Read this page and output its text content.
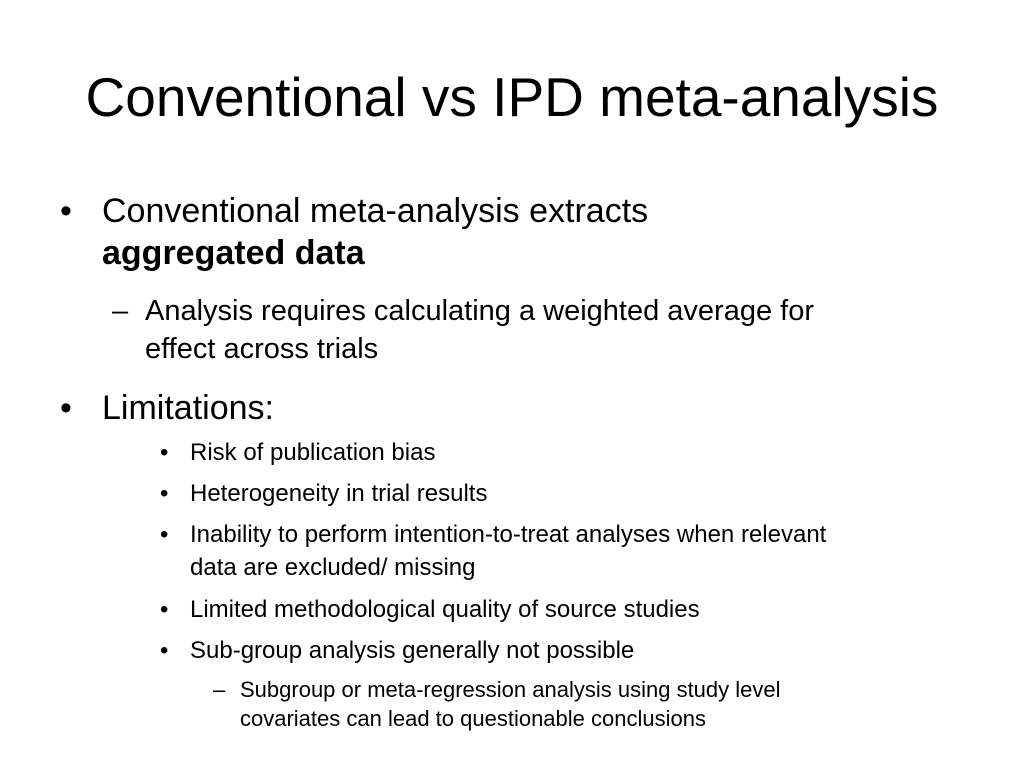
Conventional vs IPD meta-analysis
• Conventional meta-analysis extracts
aggregated data
– Analysis requires calculating a weighted average for
effect across trials
• Limitations:
• Risk of publication bias
• Heterogeneity in trial results
• Inability to perform intention-to-treat analyses when relevant
data are excluded/ missing
• Limited methodological quality of source studies
• Sub-group analysis generally not possible
– Subgroup or meta-regression analysis using study level
covariates can lead to questionable conclusions
